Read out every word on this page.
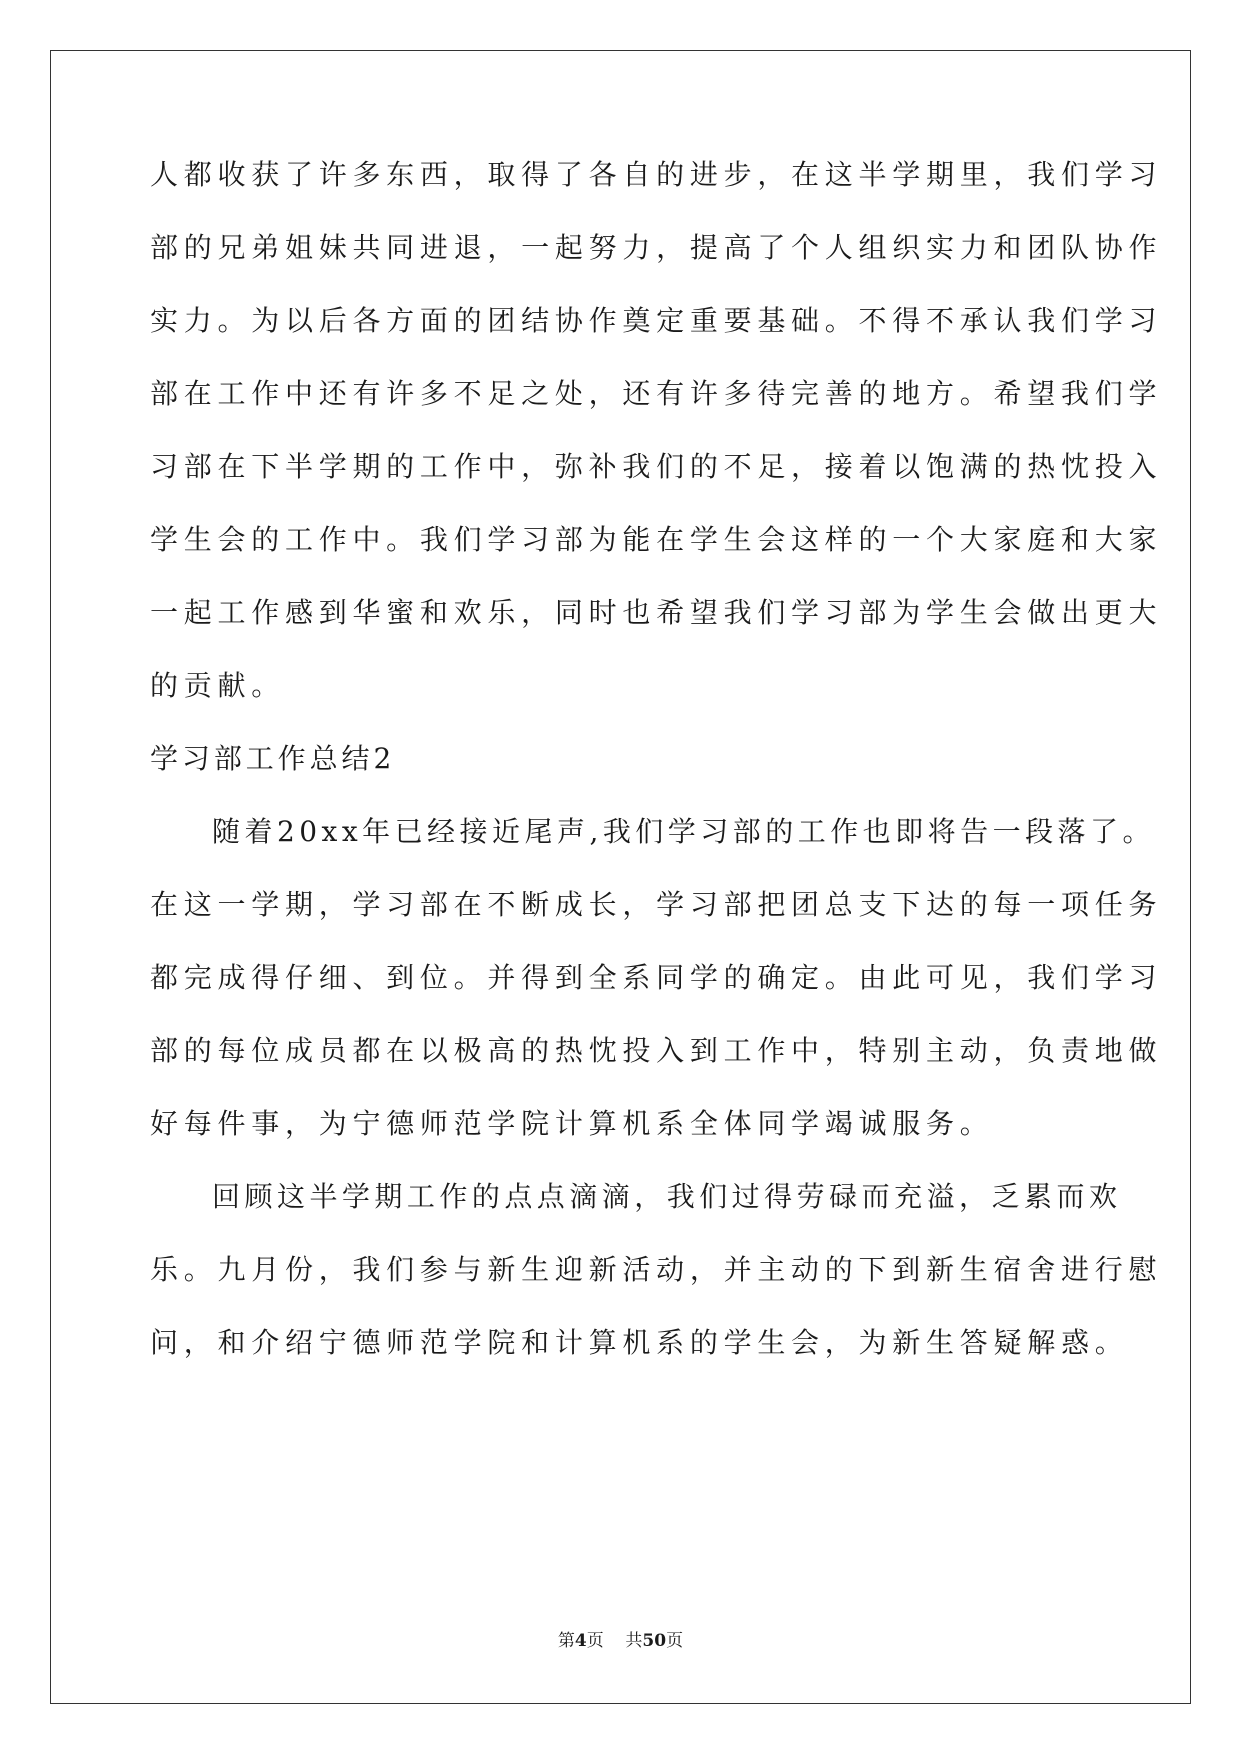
人都收获了许多东西，取得了各自的进步，在这半学期里，我们学习
部的兄弟姐妹共同进退，一起努力，提高了个人组织实力和团队协作
实力。为以后各方面的团结协作奠定重要基础。不得不承认我们学习
部在工作中还有许多不足之处，还有许多待完善的地方。希望我们学
习部在下半学期的工作中，弥补我们的不足，接着以饱满的热忱投入
学生会的工作中。我们学习部为能在学生会这样的一个大家庭和大家
一起工作感到华蜜和欢乐，同时也希望我们学习部为学生会做出更大
的贡献。
学习部工作总结2
随着20xx年已经接近尾声,我们学习部的工作也即将告一段落了。
在这一学期，学习部在不断成长，学习部把团总支下达的每一项任务
都完成得仔细、到位。并得到全系同学的确定。由此可见，我们学习
部的每位成员都在以极高的热忱投入到工作中，特别主动，负责地做
好每件事，为宁德师范学院计算机系全体同学竭诚服务。
回顾这半学期工作的点点滴滴，我们过得劳碌而充溢，乏累而欢
乐。九月份，我们参与新生迎新活动，并主动的下到新生宿舍进行慰
问，和介绍宁德师范学院和计算机系的学生会，为新生答疑解惑。
第4页 共50页
